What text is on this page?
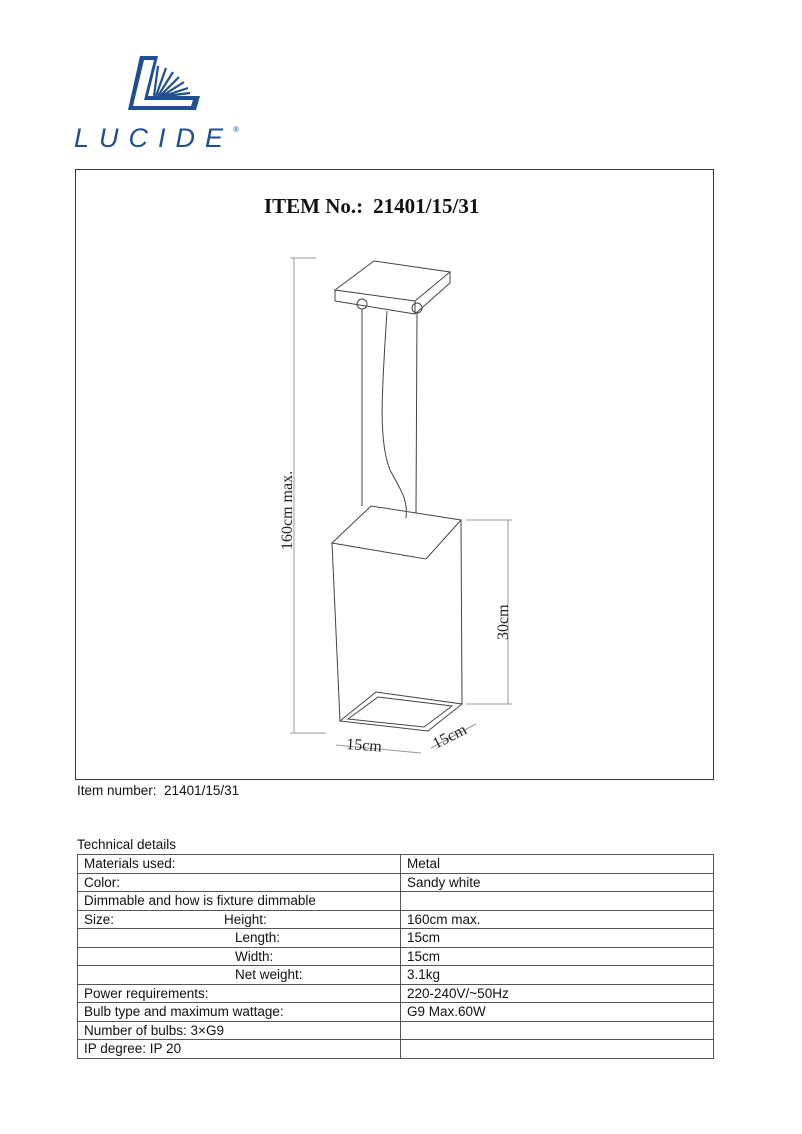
LUCIDE®
ITEM No.: 21401/15/31
160cm max.
30cm
15cm	15cm
Item number: 21401/15/31
Technical details
Materials used:	Metal
Color:	Sandy white
Dimmable and how is fixture dimmable	
Size: Height:	160cm max.
Length:	15cm
Width:	15cm
Net weight:	3.1kg
Power requirements:	220-240V/~50Hz
Bulb type and maximum wattage:	G9 Max.60W
Number of bulbs: 3×G9	
IP degree: IP 20	
